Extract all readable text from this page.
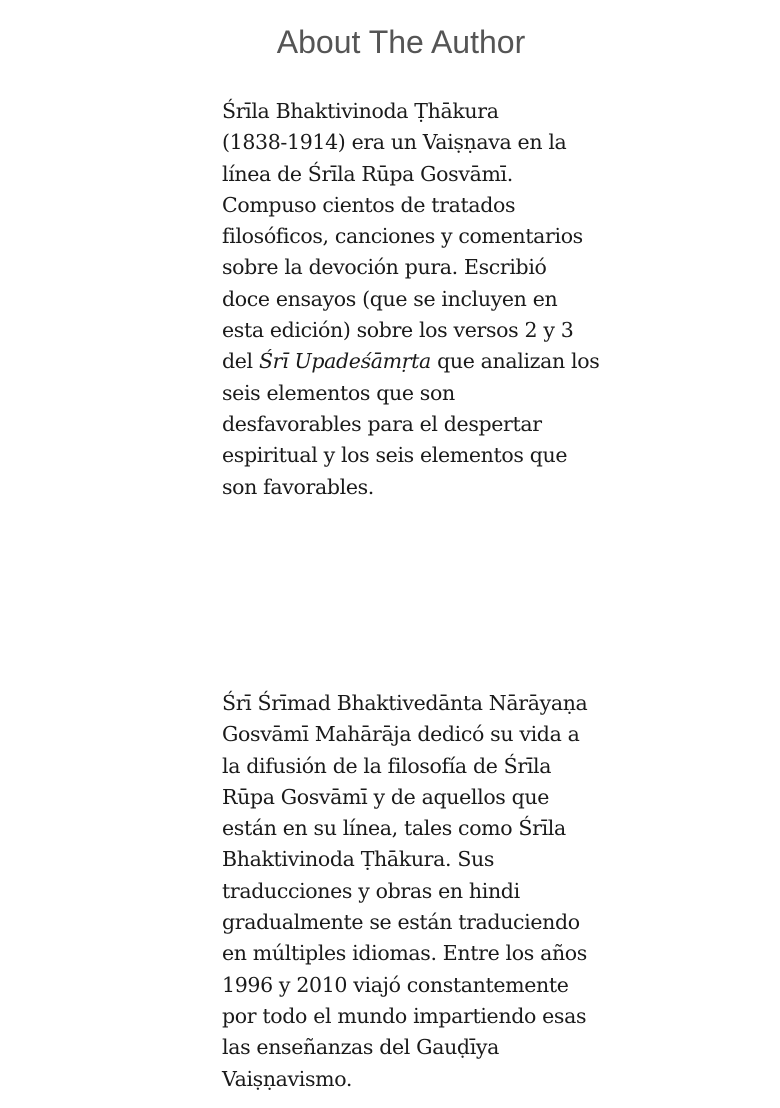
About The Author

Śrīla Bhaktivinoda Ṭhākura
(1838-1914) era un Vaiṣṇava en la
línea de Śrīla Rūpa Gosvāmī.
Compuso cientos de tratados
filosóficos, canciones y comentarios
sobre la devoción pura. Escribió
doce ensayos (que se incluyen en
esta edición) sobre los versos 2 y 3
del Śrī Upadeśāmṛta que analizan los
seis elementos que son
desfavorables para el despertar
espiritual y los seis elementos que
son favorables.

Śrī Śrīmad Bhaktivedānta Nārāyaṇa
Gosvāmī Mahārāja dedicó su vida a
la difusión de la filosofía de Śrīla
Rūpa Gosvāmī y de aquellos que
están en su línea, tales como Śrīla
Bhaktivinoda Ṭhākura. Sus
traducciones y obras en hindi
gradualmente se están traduciendo
en múltiples idiomas. Entre los años
1996 y 2010 viajó constantemente
por todo el mundo impartiendo esas
las enseñanzas del Gauḍīya
Vaiṣṇavismo.
